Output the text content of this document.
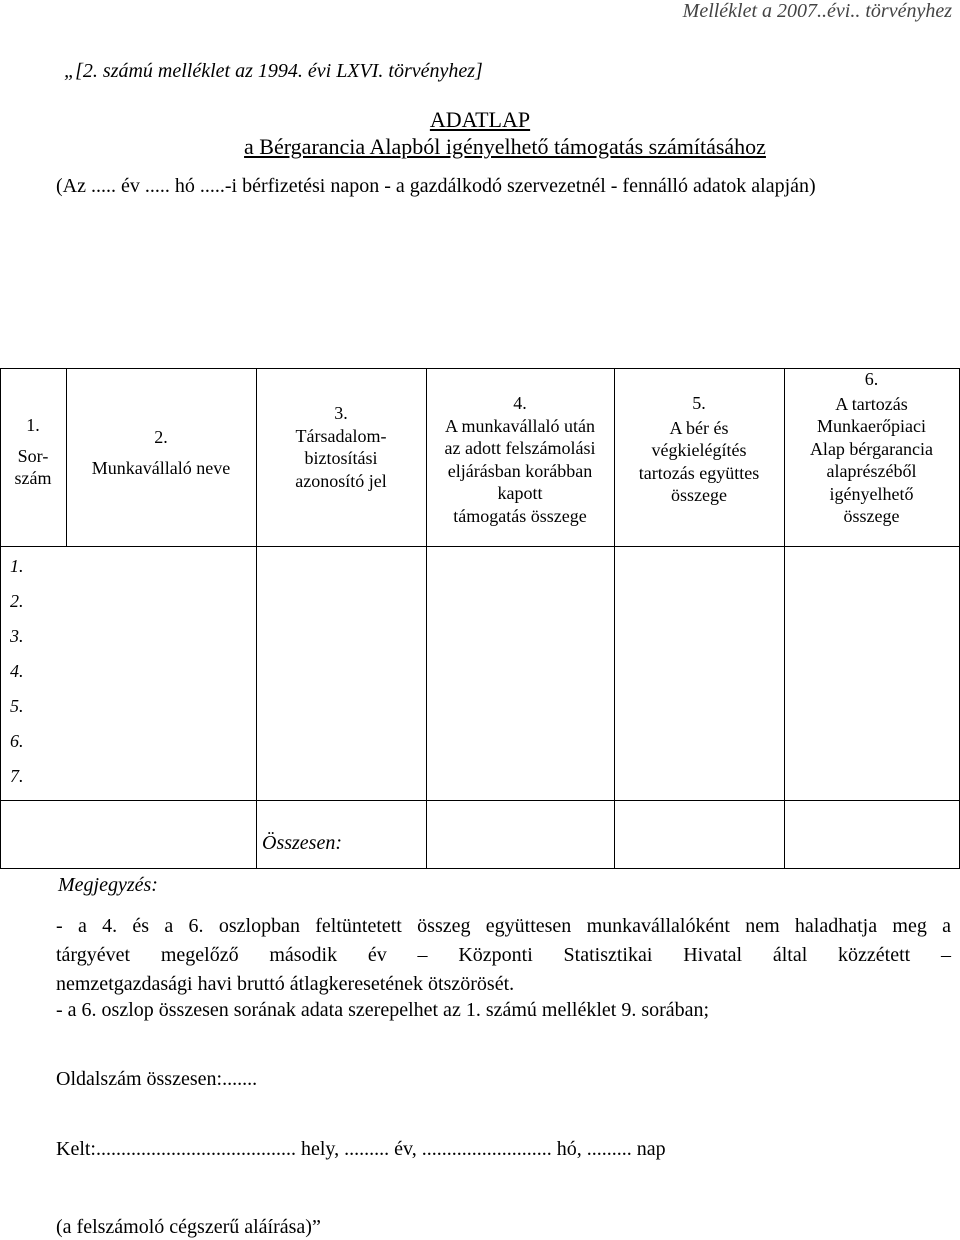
Melléklet a 2007..évi.. törvényhez
„[2. számú melléklet az 1994. évi LXVI. törvényhez]
ADATLAP
a Bérgarancia Alapból igényelhető támogatás számításához
(Az ..... év ..... hó .....-i bérfizetési napon - a gazdálkodó szervezetnél - fennálló adatok alapján)
1.
Sor-
szám
2.
Munkavállaló neve
3.
Társadalom-
biztosítási
azonosító jel
4.
A munkavállaló után
az adott felszámolási
eljárásban korábban
kapott
támogatás összege
5.
A bér és
végkielégítés
tartozás együttes
összege
6.
A tartozás
Munkaerőpiaci
Alap bérgarancia
alaprészéből
igényelhető
összege
1.
2.
3.
4.
5.
6.
7.
Összesen:
Megjegyzés:
- a 4. és a 6. oszlopban feltüntetett összeg együttesen munkavállalóként nem haladhatja meg a
tárgyévet megelőző második év – Központi Statisztikai Hivatal által közzétett –
nemzetgazdasági havi bruttó átlagkeresetének ötszörösét.
- a 6. oszlop összesen sorának adata szerepelhet az 1. számú melléklet 9. sorában;
Oldalszám összesen:.......
Kelt:........................................ hely, ......... év, .......................... hó, ......... nap
(a felszámoló cégszerű aláírása)”
